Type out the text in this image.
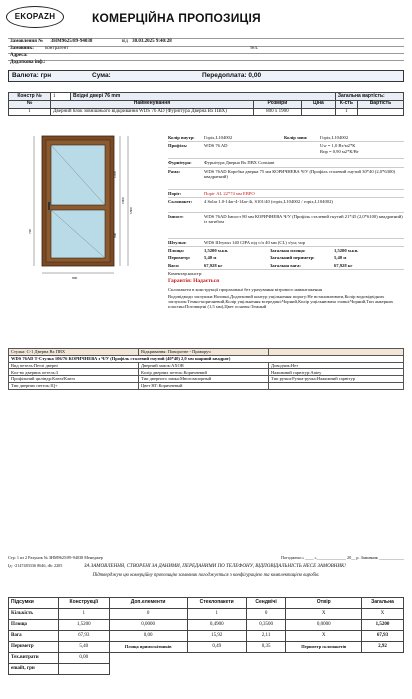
EKOPAZH	КОМЕРЦІЙНА ПРОПОЗИЦІЯ
Замовлення № ЗНМ9625/89-94038	від 30.03.2025 9:40:28
Замовник: контрагент	тел.
Адреса:
Додаткова інф.:
Валюта: грн	Сума:	Передоплата: 0,00
Констр №	1	Вхідні двері 76 mm			Загальна вартість:	
№	Найменування		Розміри	Ціна	К-сть	Вартість
1	Дверний блок зовнішнього відкривання WDS 76 AD (Фурнітура Дверна Вх ПВХ)		800 х 1900		1	
1700
1900
800
720
1800
800
Колір внутр:	Горіх,L104002	Колір зовн:	Горіх,L104002
Профіль:	WDS 76 AD	Uw = 1,0 Вт/м2*К
Rпр = 0,90 м2*К/Вт
Фурнітура:	Фурнітура Дверна Вх ПВХ Constant
Рама:	WDS 76AD Коробка дверна 75 мм КОРИЧНЕВА Ч/У (Профіль сталевий гнутий 30*40 (2,0*6300) квадратний)
Поріг:	Поріг AL 22*74 мм ЕВРО
Склопакет:	4 Solar 1.0-14ar-4-14ar-4i, S101/40 (горіх,L104002 / горіх,L104002)
Імпост:	WDS 76AD Імпост 80 мм КОРИЧНЕВА Ч/У (Профіль сталевий гнутий 21*45 (2,0*6100) квадратний) із загибом
Штульп:	WDS Штульп 140 CIPA під с/п 40 мм (CL) з/ун; чор
Площа:	1,5200 м.кв.	Загальна площа:	1,5200 м.кв.
Периметр:	5,40 м	Загальний периметр:	5,40 м
Вага:	67,928 кг	Загальна вага:	67,928 кг
Коментар.констр:
Гарантія: Надається
Склопакети в конструкції прораховані без урахування вітрового навантаження
Водовідводи заглушки:Назовні,Додатковий контур ущільнення порогу:Не встановлювати,Колір водовідвідних заглушок:Темно-коричневий,Колір ущільнення всередині:Чорний,Колір ущільнювача ззовні:Чорний,Тип анкерних пластин:Потовщені (1,5 мм),Цвет основы:Темный
Стулка: С-1 Дверна Вх ПВХ	Відкривання: Поворотне - Праворуч	
WDS 76AD Т-Стулка 106/76 КОРИЧНЕВА з Ч/У (Профіль сталевий гнутий (40*40) 2,0 мм шарний квадрат)		
Вид петель:Петлі дверні	Дверний замок:AXOR	Доводчик:Нет
Кол-во дверних петель:3	Колір дверних петель:Коричневий	Нажимний гарнітур:Antey
Профільний циліндр:Ключ/Ключ	Тип дверного замка:Многозапорный	Тип ручки:Ручка-ручка:Нажимний гарнітур
Тип дверних петель:IQ+	Цвет НГ:Коричневый	
Стр: 1 из 2 Рахунок № ЗНМ9625/89-94038 Менеджер	Погоджено:« ____ »______________ 20__ р. Замовник ____________
Ід: -2147483336 8646, db: 2205	ЗА ЗАМОВЛЕННЯ, СТВОРЕНІ ЗА ДАНИМИ, ПЕРЕДАНИМИ ПО ТЕЛЕФОНУ, ВІДПОВІДАЛЬНІСТЬ НЕСЕ ЗАМОВНИК!
Підтверджую цю комерційну пропозицію замовник погоджується з конфігурацією та комплектацією виробів.
Підсумки	Конструкції	Доп.елементи	Стеклопакети	Сендвічі	Отвір	Загальна
Кількість	1	0	1	0	X	X
Площа	1,5200	0,0000	0,4900	0,3500	0,0000	1,5200
Вага	67,93	0,00	15,92	2,11	X	67,93
Периметр	5,40	Площа примоскітників	0,49	0,35	Периметр склопакетів	2,92
Тех.витрати	0,00					
emailt, грн						
